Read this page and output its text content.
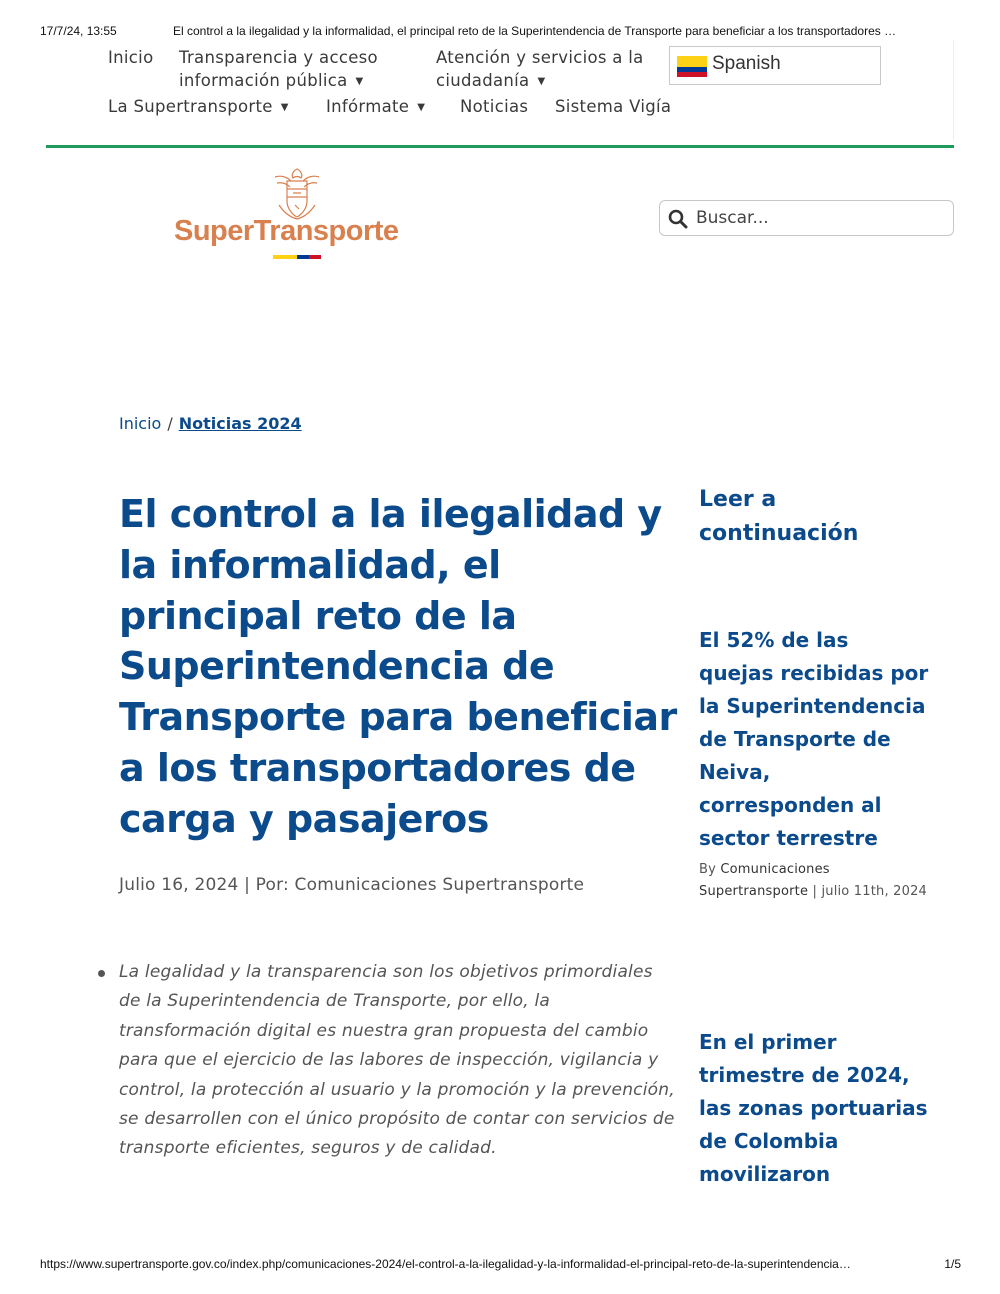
17/7/24, 13:55	El control a la ilegalidad y la informalidad, el principal reto de la Superintendencia de Transporte para beneficiar a los transportadores …
Inicio Transparencia y acceso
información pública ▼
Atención y servicios a la
ciudadanía ▼
La Supertransporte ▼ Infórmate ▼ Noticias Sistema Vigía
Spanish
SuperTransporte
Buscar...
Inicio / Noticias 2024
El control a la ilegalidad y la informalidad, el principal reto de la Superintendencia de Transporte para beneficiar a los transportadores de carga y pasajeros
Julio 16, 2024 | Por: Comunicaciones Supertransporte
La legalidad y la transparencia son los objetivos primordiales de la Superintendencia de Transporte, por ello, la transformación digital es nuestra gran propuesta del cambio para que el ejercicio de las labores de inspección, vigilancia y control, la protección al usuario y la promoción y la prevención, se desarrollen con el único propósito de contar con servicios de transporte eficientes, seguros y de calidad.
Leer a continuación
El 52% de las quejas recibidas por la Superintendencia de Transporte de Neiva, corresponden al sector terrestre
By Comunicaciones Supertransporte | julio 11th, 2024
En el primer trimestre de 2024, las zonas portuarias de Colombia movilizaron
https://www.supertransporte.gov.co/index.php/comunicaciones-2024/el-control-a-la-ilegalidad-y-la-informalidad-el-principal-reto-de-la-superintendencia…	1/5
